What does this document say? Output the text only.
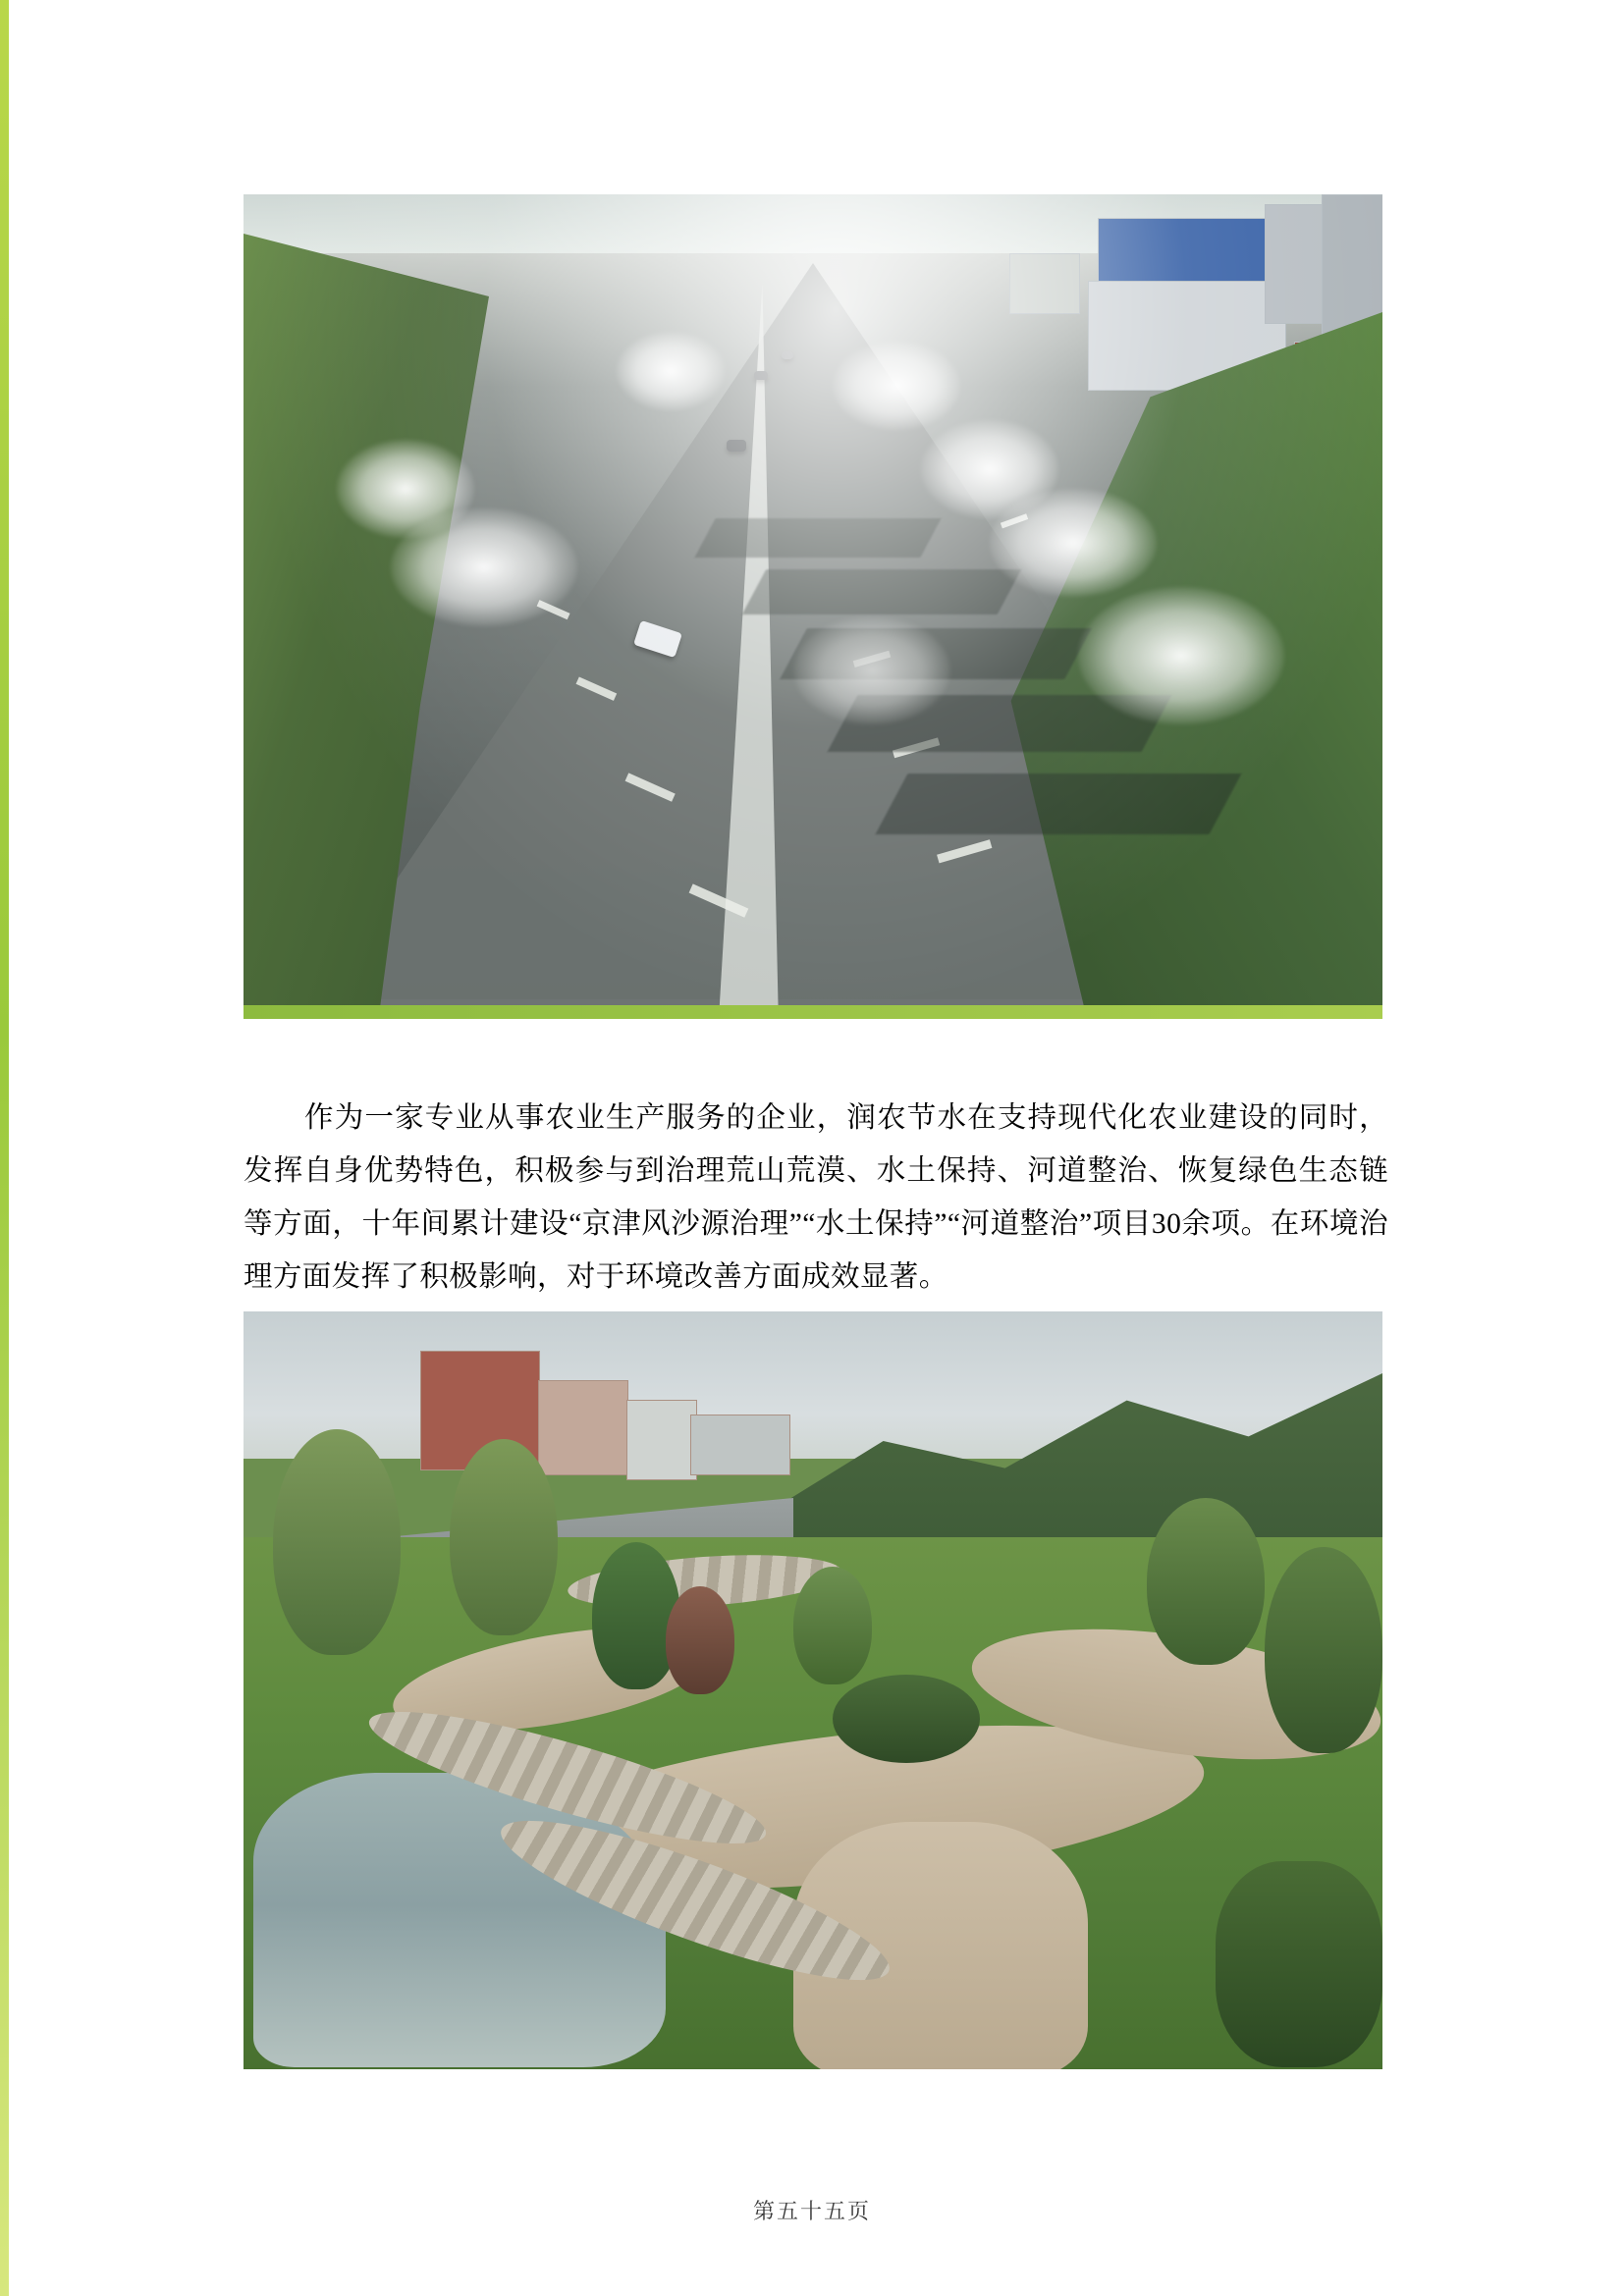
作为一家专业从事农业生产服务的企业，润农节水在支持现代化农业建设的同时，发挥自身优势特色，积极参与到治理荒山荒漠、水土保持、河道整治、恢复绿色生态链等方面，十年间累计建设“京津风沙源治理”“水土保持”“河道整治”项目30余项。在环境治理方面发挥了积极影响，对于环境改善方面成效显著。

第五十五页
